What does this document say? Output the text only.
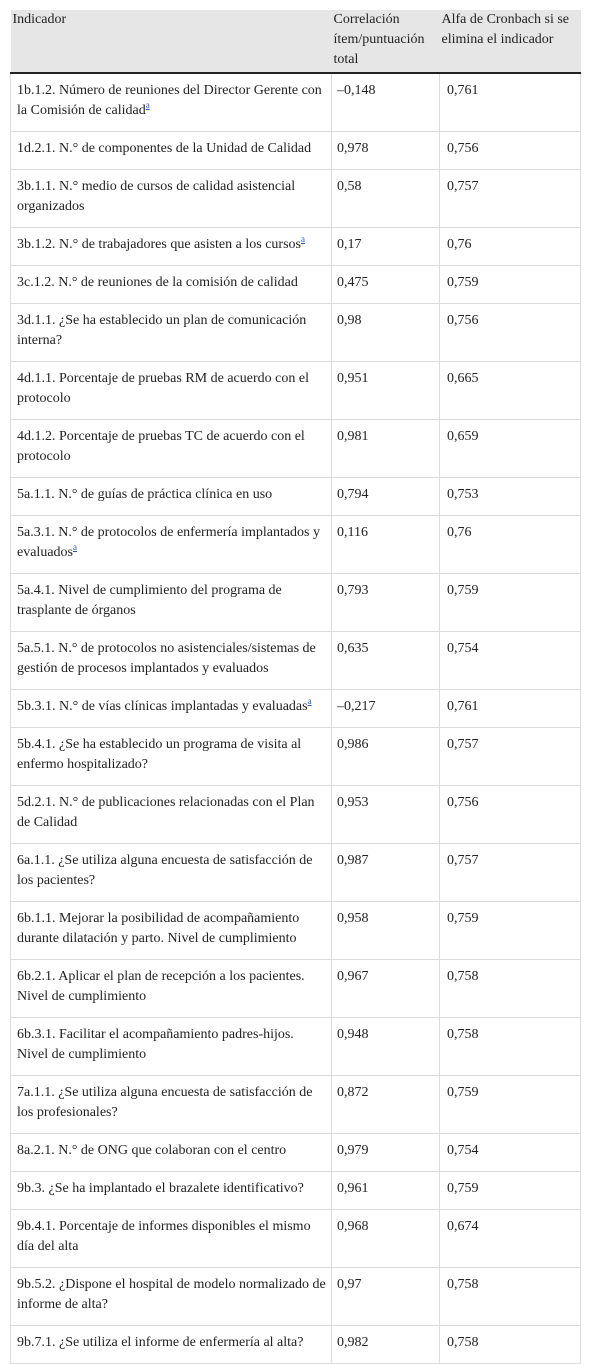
Indicador	Correlación ítem/puntuación total	Alfa de Cronbach si se elimina el indicador
1b.1.2. Número de reuniones del Director Gerente con la Comisión de calidad$^a$	–0,148	0,761
1d.2.1. N.° de componentes de la Unidad de Calidad	0,978	0,756
3b.1.1. N.° medio de cursos de calidad asistencial organizados	0,58	0,757
3b.1.2. N.° de trabajadores que asisten a los cursos$^a$	0,17	0,76
3c.1.2. N.° de reuniones de la comisión de calidad	0,475	0,759
3d.1.1. ¿Se ha establecido un plan de comunicación interna?	0,98	0,756
4d.1.1. Porcentaje de pruebas RM de acuerdo con el protocolo	0,951	0,665
4d.1.2. Porcentaje de pruebas TC de acuerdo con el protocolo	0,981	0,659
5a.1.1. N.° de guías de práctica clínica en uso	0,794	0,753
5a.3.1. N.° de protocolos de enfermería implantados y evaluados$^a$	0,116	0,76
5a.4.1. Nivel de cumplimiento del programa de trasplante de órganos	0,793	0,759
5a.5.1. N.° de protocolos no asistenciales/sistemas de gestión de procesos implantados y evaluados	0,635	0,754
5b.3.1. N.° de vías clínicas implantadas y evaluadas$^a$	–0,217	0,761
5b.4.1. ¿Se ha establecido un programa de visita al enfermo hospitalizado?	0,986	0,757
5d.2.1. N.° de publicaciones relacionadas con el Plan de Calidad	0,953	0,756
6a.1.1. ¿Se utiliza alguna encuesta de satisfacción de los pacientes?	0,987	0,757
6b.1.1. Mejorar la posibilidad de acompañamiento durante dilatación y parto. Nivel de cumplimiento	0,958	0,759
6b.2.1. Aplicar el plan de recepción a los pacientes. Nivel de cumplimiento	0,967	0,758
6b.3.1. Facilitar el acompañamiento padres-hijos. Nivel de cumplimiento	0,948	0,758
7a.1.1. ¿Se utiliza alguna encuesta de satisfacción de los profesionales?	0,872	0,759
8a.2.1. N.° de ONG que colaboran con el centro	0,979	0,754
9b.3. ¿Se ha implantado el brazalete identificativo?	0,961	0,759
9b.4.1. Porcentaje de informes disponibles el mismo día del alta	0,968	0,674
9b.5.2. ¿Dispone el hospital de modelo normalizado de informe de alta?	0,97	0,758
9b.7.1. ¿Se utiliza el informe de enfermería al alta?	0,982	0,758
